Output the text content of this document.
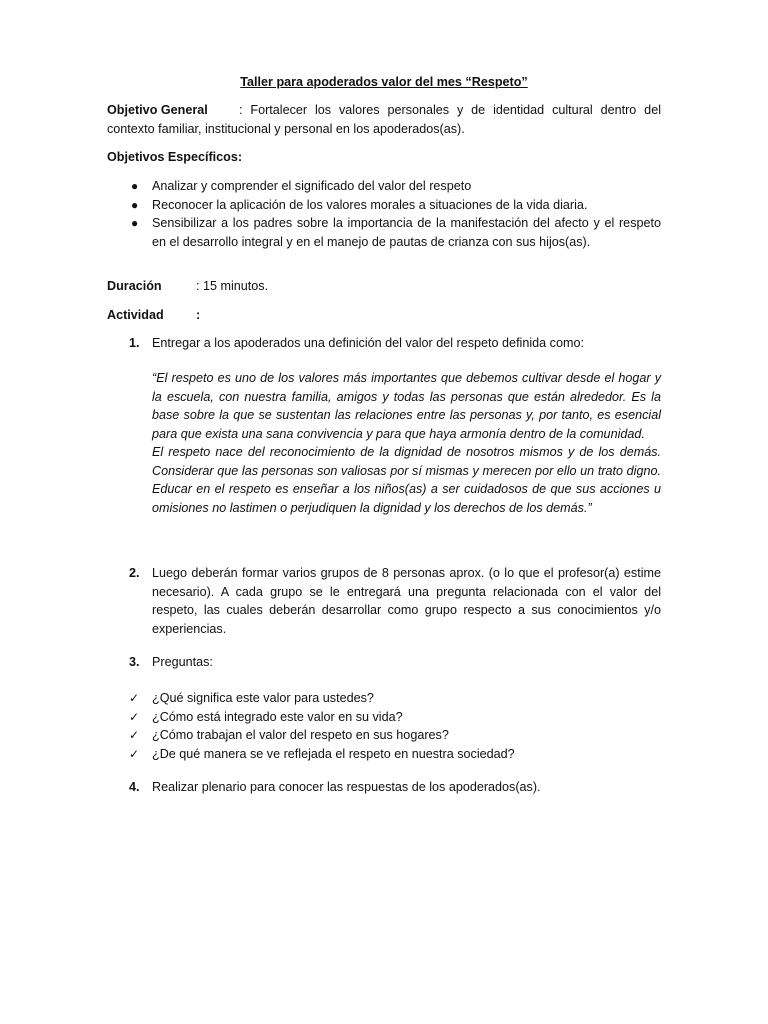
Taller para apoderados valor del mes “Respeto”
Objetivo General : Fortalecer los valores personales y de identidad cultural dentro del contexto familiar, institucional y personal en los apoderados(as).
Objetivos Específicos:
● Analizar y comprender el significado del valor del respeto
● Reconocer la aplicación de los valores morales a situaciones de la vida diaria.
● Sensibilizar a los padres sobre la importancia de la manifestación del afecto y el respeto en el desarrollo integral y en el manejo de pautas de crianza con sus hijos(as).
Duración	: 15 minutos.
Actividad	:
1. Entregar a los apoderados una definición del valor del respeto definida como:

“El respeto es uno de los valores más importantes que debemos cultivar desde el hogar y la escuela, con nuestra familia, amigos y todas las personas que están alrededor. Es la base sobre la que se sustentan las relaciones entre las personas y, por tanto, es esencial para que exista una sana convivencia y para que haya armonía dentro de la comunidad.

El respeto nace del reconocimiento de la dignidad de nosotros mismos y de los demás. Considerar que las personas son valiosas por sí mismas y merecen por ello un trato digno. Educar en el respeto es enseñar a los niños(as) a ser cuidadosos de que sus acciones u omisiones no lastimen o perjudiquen la dignidad y los derechos de los demás.”

2. Luego deberán formar varios grupos de 8 personas aprox. (o lo que el profesor(a) estime necesario). A cada grupo se le entregará una pregunta relacionada con el valor del respeto, las cuales deberán desarrollar como grupo respecto a sus conocimientos y/o experiencias.
3. Preguntas:
✓ ¿Qué significa este valor para ustedes?
✓ ¿Cómo está integrado este valor en su vida?
✓ ¿Cómo trabajan el valor del respeto en sus hogares?
✓ ¿De qué manera se ve reflejada el respeto en nuestra sociedad?
4. Realizar plenario para conocer las respuestas de los apoderados(as).
